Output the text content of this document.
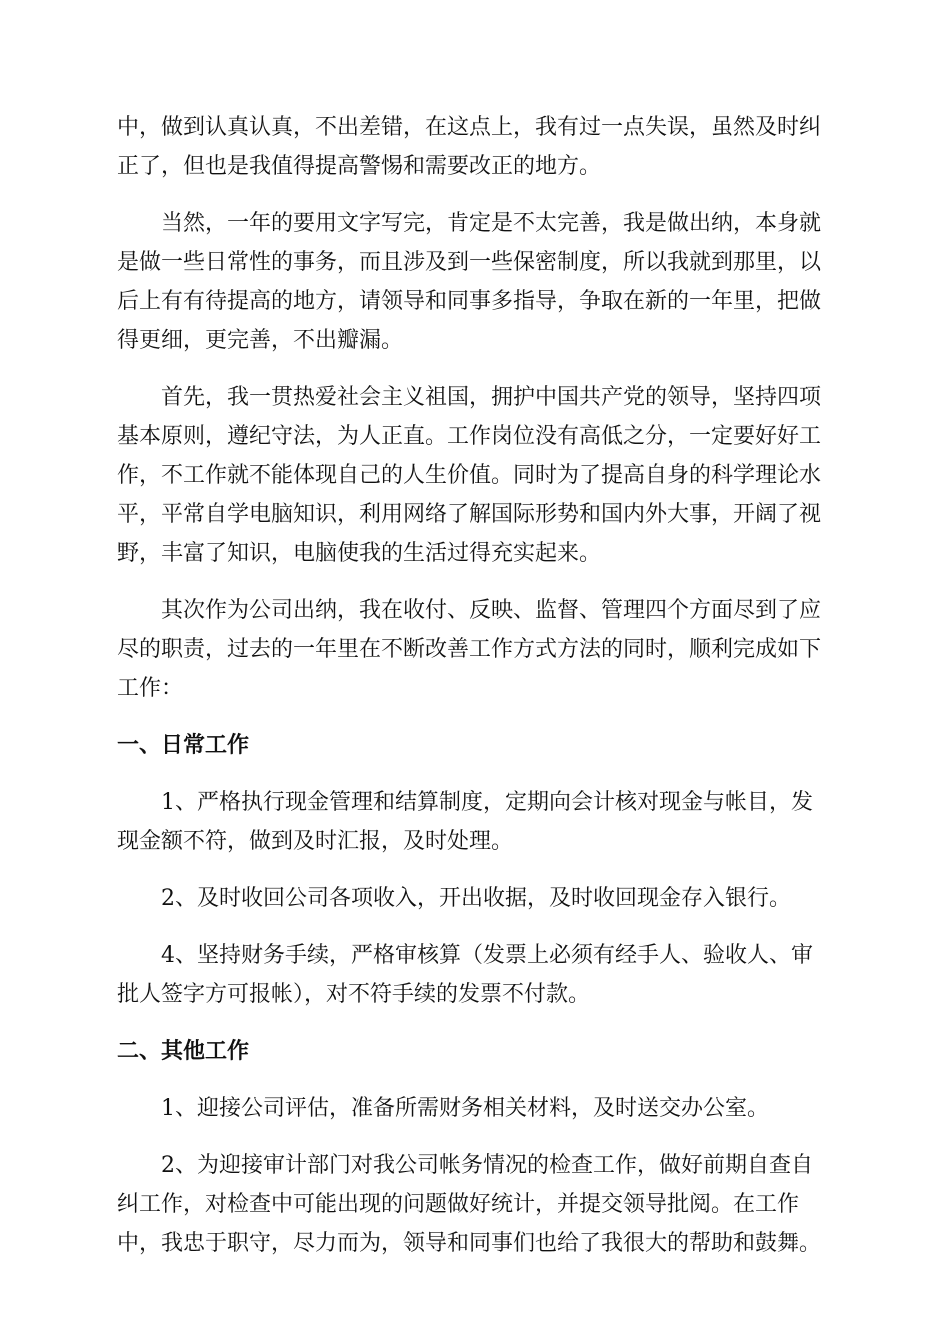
中，做到认真认真，不出差错，在这点上，我有过一点失误，虽然及时纠
正了，但也是我值得提高警惕和需要改正的地方。

当然，一年的要用文字写完，肯定是不太完善，我是做出纳，本身就
是做一些日常性的事务，而且涉及到一些保密制度，所以我就到那里，以
后上有有待提高的地方，请领导和同事多指导，争取在新的一年里，把做
得更细，更完善，不出瓣漏。

首先，我一贯热爱社会主义祖国，拥护中国共产党的领导，坚持四项
基本原则，遵纪守法，为人正直。工作岗位没有高低之分，一定要好好工
作，不工作就不能体现自己的人生价值。同时为了提高自身的科学理论水
平，平常自学电脑知识，利用网络了解国际形势和国内外大事，开阔了视
野，丰富了知识，电脑使我的生活过得充实起来。

其次作为公司出纳，我在收付、反映、监督、管理四个方面尽到了应
尽的职责，过去的一年里在不断改善工作方式方法的同时，顺利完成如下
工作：

一、日常工作

1、严格执行现金管理和结算制度，定期向会计核对现金与帐目，发
现金额不符，做到及时汇报，及时处理。

2、及时收回公司各项收入，开出收据，及时收回现金存入银行。

4、坚持财务手续，严格审核算（发票上必须有经手人、验收人、审
批人签字方可报帐），对不符手续的发票不付款。

二、其他工作

1、迎接公司评估，准备所需财务相关材料，及时送交办公室。

2、为迎接审计部门对我公司帐务情况的检查工作，做好前期自查自
纠工作，对检查中可能出现的问题做好统计，并提交领导批阅。在工作
中，我忠于职守，尽力而为，领导和同事们也给了我很大的帮助和鼓舞。
